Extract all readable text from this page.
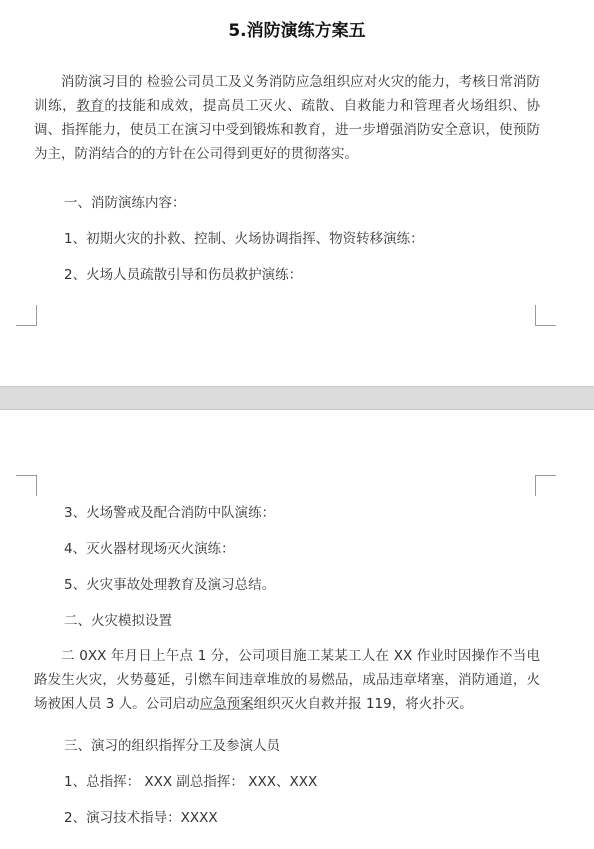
5.消防演练方案五

消防演习目的 检验公司员工及义务消防应急组织应对火灾的能力，考核日常消防训练，教育的技能和成效，提高员工灭火、疏散、自救能力和管理者火场组织、协调、指挥能力，使员工在演习中受到锻炼和教育，进一步增强消防安全意识，使预防为主，防消结合的的方针在公司得到更好的贯彻落实。

一、消防演练内容：

1、初期火灾的扑救、控制、火场协调指挥、物资转移演练：

2、火场人员疏散引导和伤员救护演练：

3、火场警戒及配合消防中队演练：

4、灭火器材现场灭火演练：

5、火灾事故处理教育及演习总结。

二、火灾模拟设置

二 0XX 年月日上午点 1 分，公司项目施工某某工人在 XX 作业时因操作不当电路发生火灾，火势蔓延，引燃车间违章堆放的易燃品，成品违章堵塞，消防通道，火场被困人员 3 人。公司启动应急预案组织灭火自救并报 119，将火扑灭。

三、演习的组织指挥分工及参演人员

1、总指挥： XXX 副总指挥： XXX、XXX

2、演习技术指导：XXXX
